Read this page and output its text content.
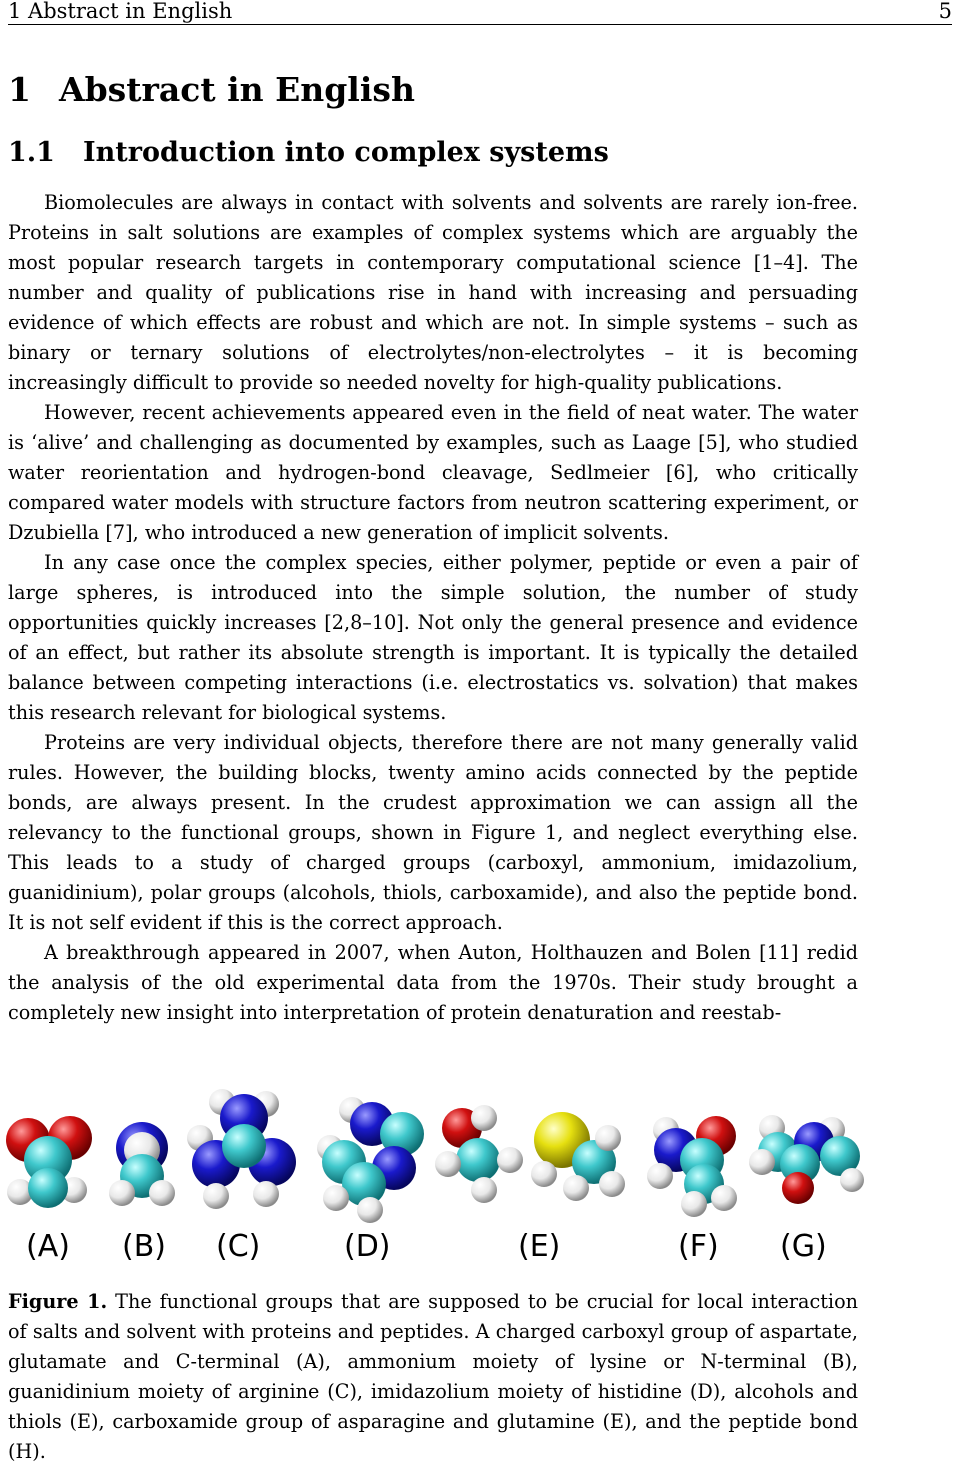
1 Abstract in English	5
1 Abstract in English
1.1 Introduction into complex systems

Biomolecules are always in contact with solvents and solvents are rarely ion-free. Proteins in salt solutions are examples of complex systems which are arguably the most popular research targets in contemporary computational science [1–4]. The number and quality of publications rise in hand with increasing and persuading evidence of which effects are robust and which are not. In simple systems – such as binary or ternary solutions of electrolytes/non-electrolytes – it is becoming increasingly difficult to provide so needed novelty for high-quality publications.

However, recent achievements appeared even in the field of neat water. The water is ‘alive’ and challenging as documented by examples, such as Laage [5], who studied water reorientation and hydrogen-bond cleavage, Sedlmeier [6], who critically compared water models with structure factors from neutron scattering experiment, or Dzubiella [7], who introduced a new generation of implicit solvents.

In any case once the complex species, either polymer, peptide or even a pair of large spheres, is introduced into the simple solution, the number of study opportunities quickly increases [2,8–10]. Not only the general presence and evidence of an effect, but rather its absolute strength is important. It is typically the detailed balance between competing interactions (i.e. electrostatics vs. solvation) that makes this research relevant for biological systems.

Proteins are very individual objects, therefore there are not many generally valid rules. However, the building blocks, twenty amino acids connected by the peptide bonds, are always present. In the crudest approximation we can assign all the relevancy to the functional groups, shown in Figure 1, and neglect everything else. This leads to a study of charged groups (carboxyl, ammonium, imidazolium, guanidinium), polar groups (alcohols, thiols, carboxamide), and also the peptide bond. It is not self evident if this is the correct approach.

A breakthrough appeared in 2007, when Auton, Holthauzen and Bolen [11] redid the analysis of the old experimental data from the 1970s. Their study brought a completely new insight into interpretation of protein denaturation and reestab-

(A) (B) (C)	(D)	(E)	(F) (G)
Figure 1. The functional groups that are supposed to be crucial for local interaction of salts and solvent with proteins and peptides. A charged carboxyl group of aspartate, glutamate and C-terminal (A), ammonium moiety of lysine or N-terminal (B), guanidinium moiety of arginine (C), imidazolium moiety of histidine (D), alcohols and thiols (E), carboxamide group of asparagine and glutamine (E), and the peptide bond (H).
